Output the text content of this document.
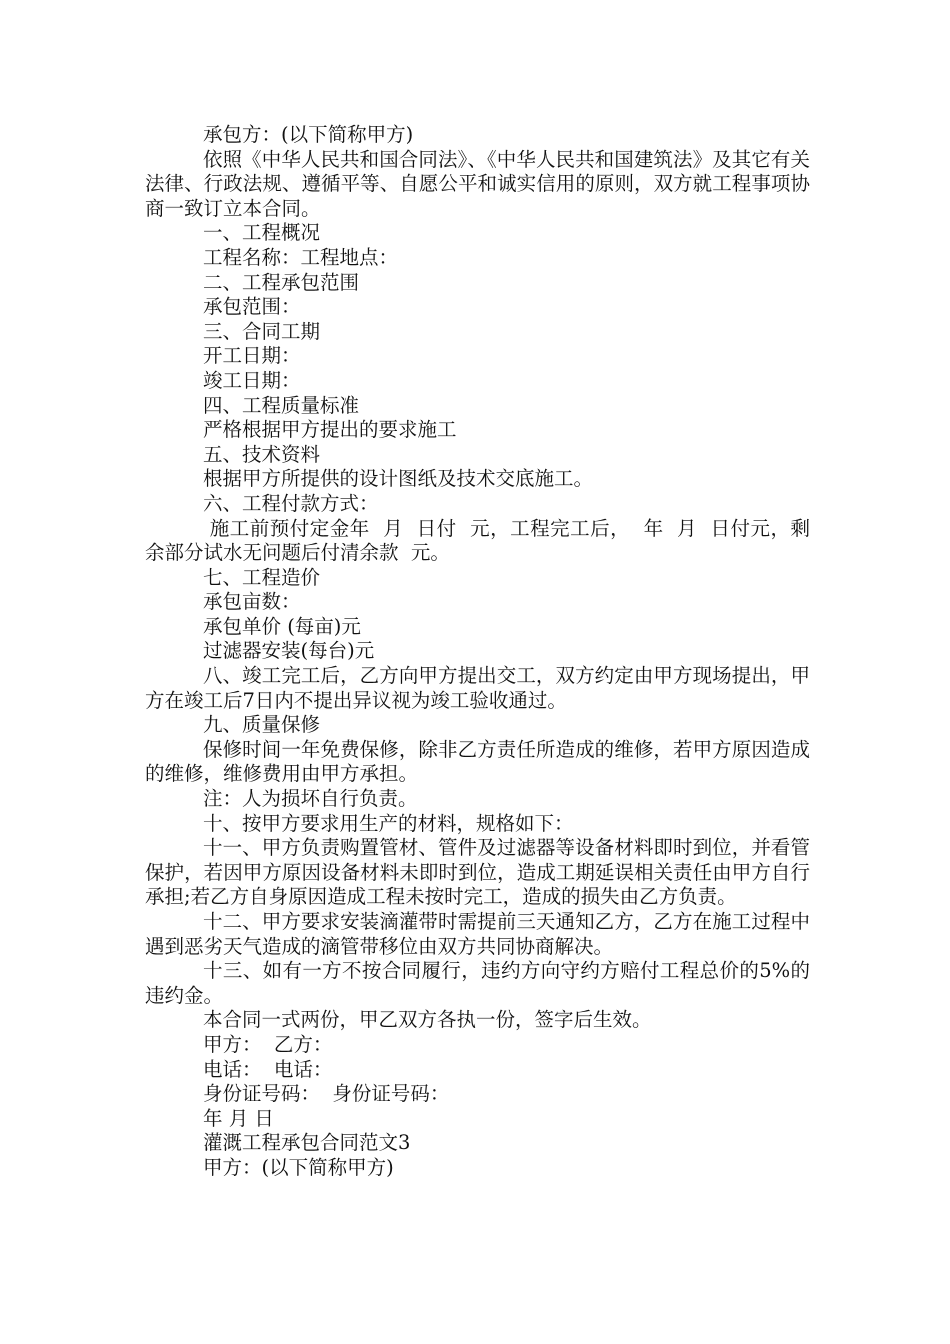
承包方：(以下简称甲方)

依照《中华人民共和国合同法》、《中华人民共和国建筑法》及其它有关法律、行政法规、遵循平等、自愿公平和诚实信用的原则，双方就工程事项协商一致订立本合同。

一、工程概况

工程名称：工程地点：

二、工程承包范围

承包范围：

三、合同工期

开工日期：

竣工日期：

四、工程质量标准

严格根据甲方提出的要求施工

五、技术资料

根据甲方所提供的设计图纸及技术交底施工。

六、工程付款方式：

施工前预付定金年  月  日付  元，工程完工后，  年  月  日付元，剩余部分试水无问题后付清余款  元。

七、工程造价

承包亩数：

承包单价 (每亩)元

过滤器安装(每台)元

八、竣工完工后，乙方向甲方提出交工，双方约定由甲方现场提出，甲方在竣工后7日内不提出异议视为竣工验收通过。

九、质量保修

保修时间一年免费保修，除非乙方责任所造成的维修，若甲方原因造成的维修，维修费用由甲方承担。

注：人为损坏自行负责。

十、按甲方要求用生产的材料，规格如下：

十一、甲方负责购置管材、管件及过滤器等设备材料即时到位，并看管保护，若因甲方原因设备材料未即时到位，造成工期延误相关责任由甲方自行承担;若乙方自身原因造成工程未按时完工，造成的损失由乙方负责。

十二、甲方要求安装滴灌带时需提前三天通知乙方，乙方在施工过程中遇到恶劣天气造成的滴管带移位由双方共同协商解决。

十三、如有一方不按合同履行，违约方向守约方赔付工程总价的5%的违约金。

本合同一式两份，甲乙双方各执一份，签字后生效。

甲方：  乙方：

电话：  电话：

身份证号码：  身份证号码：

年 月 日

灌溉工程承包合同范文3

甲方：(以下简称甲方)
